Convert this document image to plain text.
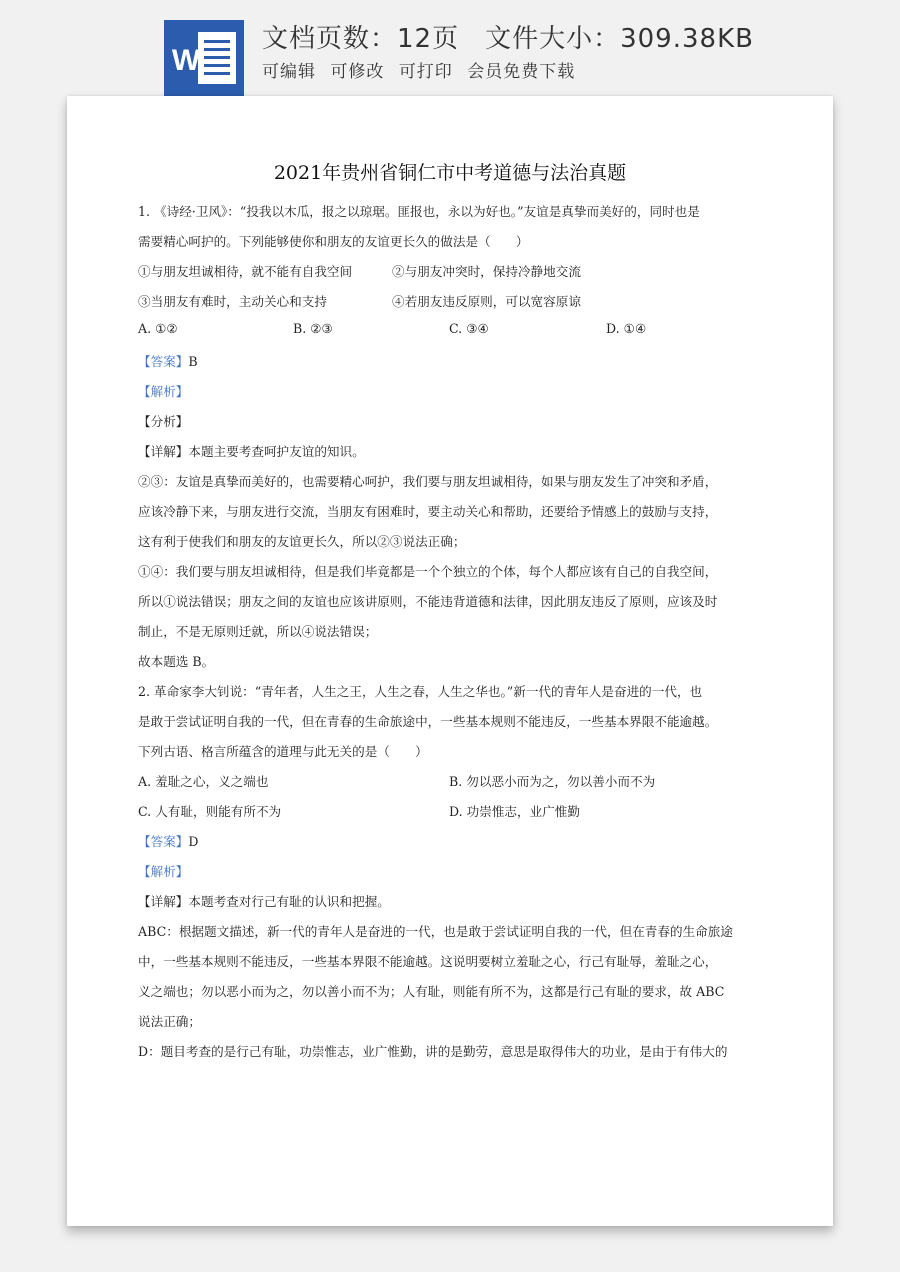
W
文档页数：12页 文件大小：309.38KB
可编辑 可修改 可打印 会员免费下载
2021年贵州省铜仁市中考道德与法治真题
1. 《诗经·卫风》：“投我以木瓜，报之以琼琚。匪报也，永以为好也。”友谊是真挚而美好的，同时也是
需要精心呵护的。下列能够使你和朋友的友谊更长久的做法是（　　）
①与朋友坦诚相待，就不能有自我空间	②与朋友冲突时，保持冷静地交流
③当朋友有难时，主动关心和支持	④若朋友违反原则，可以宽容原谅
A. ①②	B. ②③	C. ③④	D. ①④
【答案】B
【解析】
【分析】
【详解】本题主要考查呵护友谊的知识。
②③：友谊是真挚而美好的，也需要精心呵护，我们要与朋友坦诚相待，如果与朋友发生了冲突和矛盾，
应该冷静下来，与朋友进行交流，当朋友有困难时，要主动关心和帮助，还要给予情感上的鼓励与支持，
这有利于使我们和朋友的友谊更长久，所以②③说法正确；
①④：我们要与朋友坦诚相待，但是我们毕竟都是一个个独立的个体，每个人都应该有自己的自我空间，
所以①说法错误；朋友之间的友谊也应该讲原则，不能违背道德和法律，因此朋友违反了原则，应该及时
制止，不是无原则迁就，所以④说法错误；
故本题选 B。
2. 革命家李大钊说：“青年者，人生之王，人生之春，人生之华也。”新一代的青年人是奋进的一代，也
是敢于尝试证明自我的一代，但在青春的生命旅途中，一些基本规则不能违反，一些基本界限不能逾越。
下列古语、格言所蕴含的道理与此无关的是（　　）
A. 羞耻之心，义之端也	B. 勿以恶小而为之，勿以善小而不为
C. 人有耻，则能有所不为	D. 功崇惟志，业广惟勤
【答案】D
【解析】
【详解】本题考查对行己有耻的认识和把握。
ABC：根据题文描述，新一代的青年人是奋进的一代，也是敢于尝试证明自我的一代，但在青春的生命旅途
中，一些基本规则不能违反，一些基本界限不能逾越。这说明要树立羞耻之心，行己有耻辱，羞耻之心，
义之端也；勿以恶小而为之，勿以善小而不为；人有耻，则能有所不为，这都是行己有耻的要求，故 ABC
说法正确；
D：题目考查的是行己有耻，功崇惟志，业广惟勤，讲的是勤劳，意思是取得伟大的功业，是由于有伟大的
